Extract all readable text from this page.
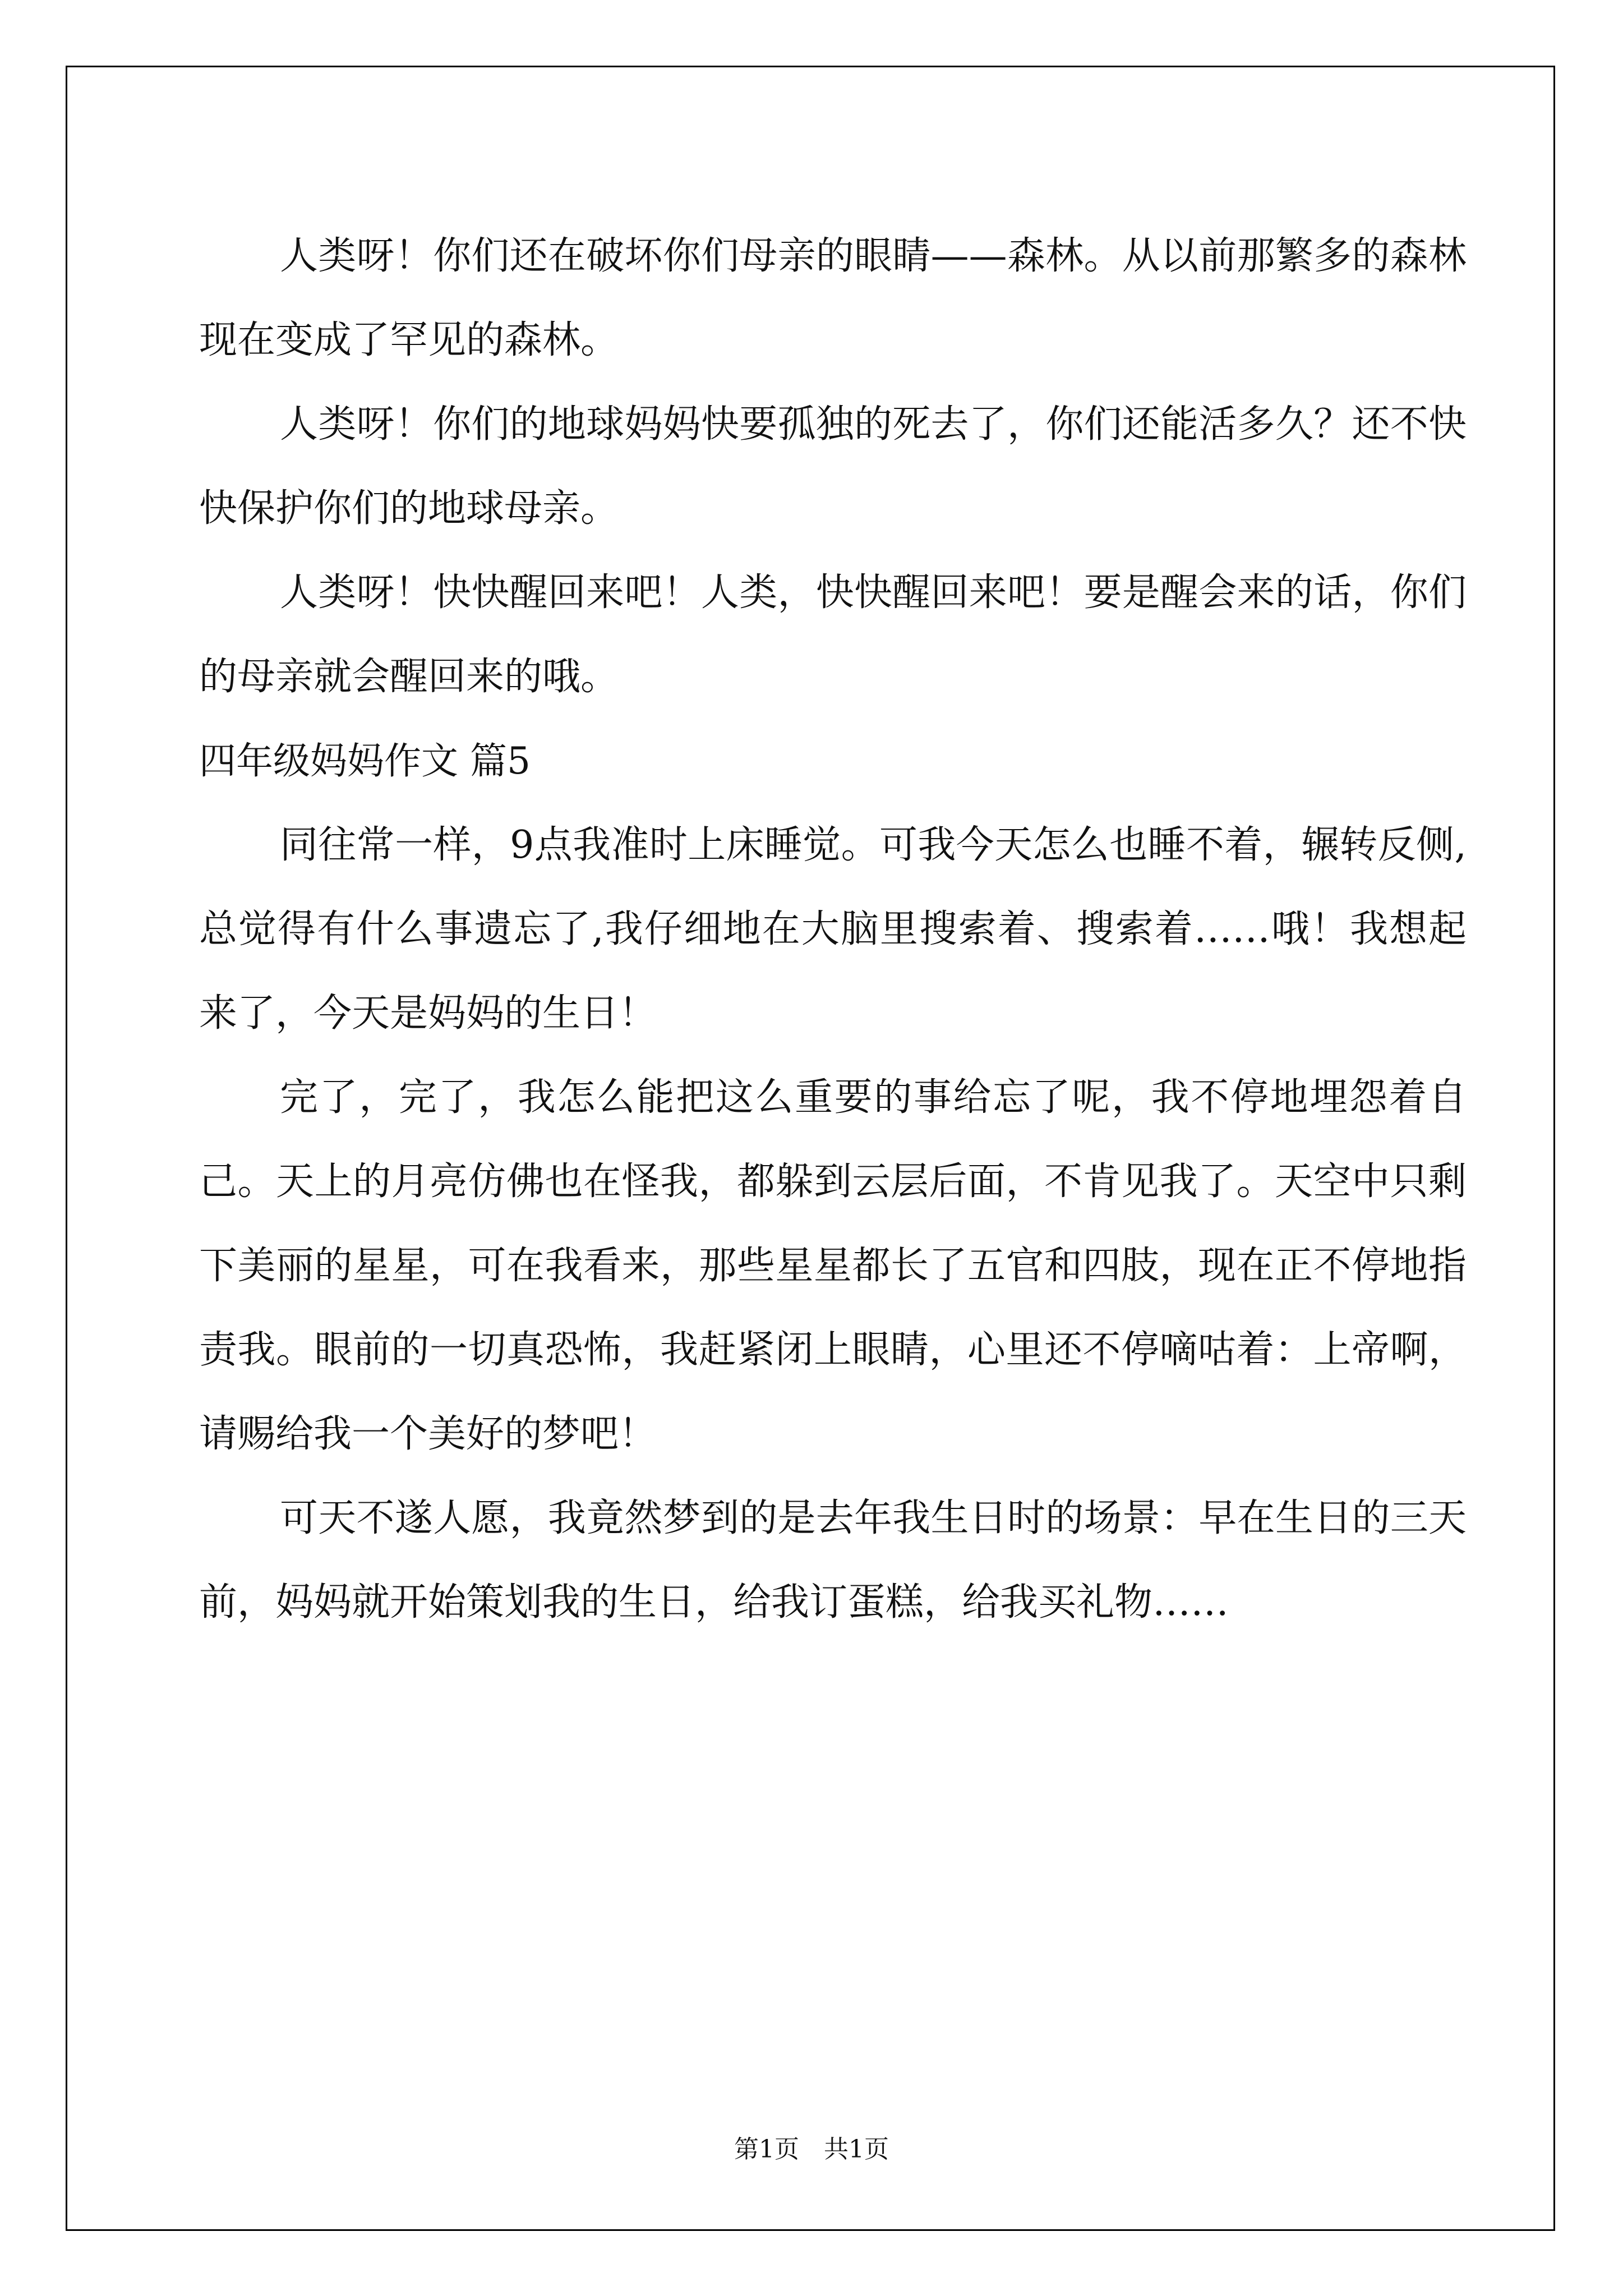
人类呀！你们还在破坏你们母亲的眼睛——森林。从以前那繁多的森林现在变成了罕见的森林。

人类呀！你们的地球妈妈快要孤独的死去了，你们还能活多久？还不快快保护你们的地球母亲。

人类呀！快快醒回来吧！人类，快快醒回来吧！要是醒会来的话，你们的母亲就会醒回来的哦。

四年级妈妈作文 篇5

同往常一样，9点我准时上床睡觉。可我今天怎么也睡不着，辗转反侧,总觉得有什么事遗忘了,我仔细地在大脑里搜索着、搜索着……哦！我想起来了，今天是妈妈的生日！

完了，完了，我怎么能把这么重要的事给忘了呢，我不停地埋怨着自己。天上的月亮仿佛也在怪我，都躲到云层后面，不肯见我了。天空中只剩下美丽的星星，可在我看来，那些星星都长了五官和四肢，现在正不停地指责我。眼前的一切真恐怖，我赶紧闭上眼睛，心里还不停嘀咕着：上帝啊，请赐给我一个美好的梦吧！

可天不遂人愿，我竟然梦到的是去年我生日时的场景：早在生日的三天前，妈妈就开始策划我的生日，给我订蛋糕，给我买礼物……

第1页　共1页
